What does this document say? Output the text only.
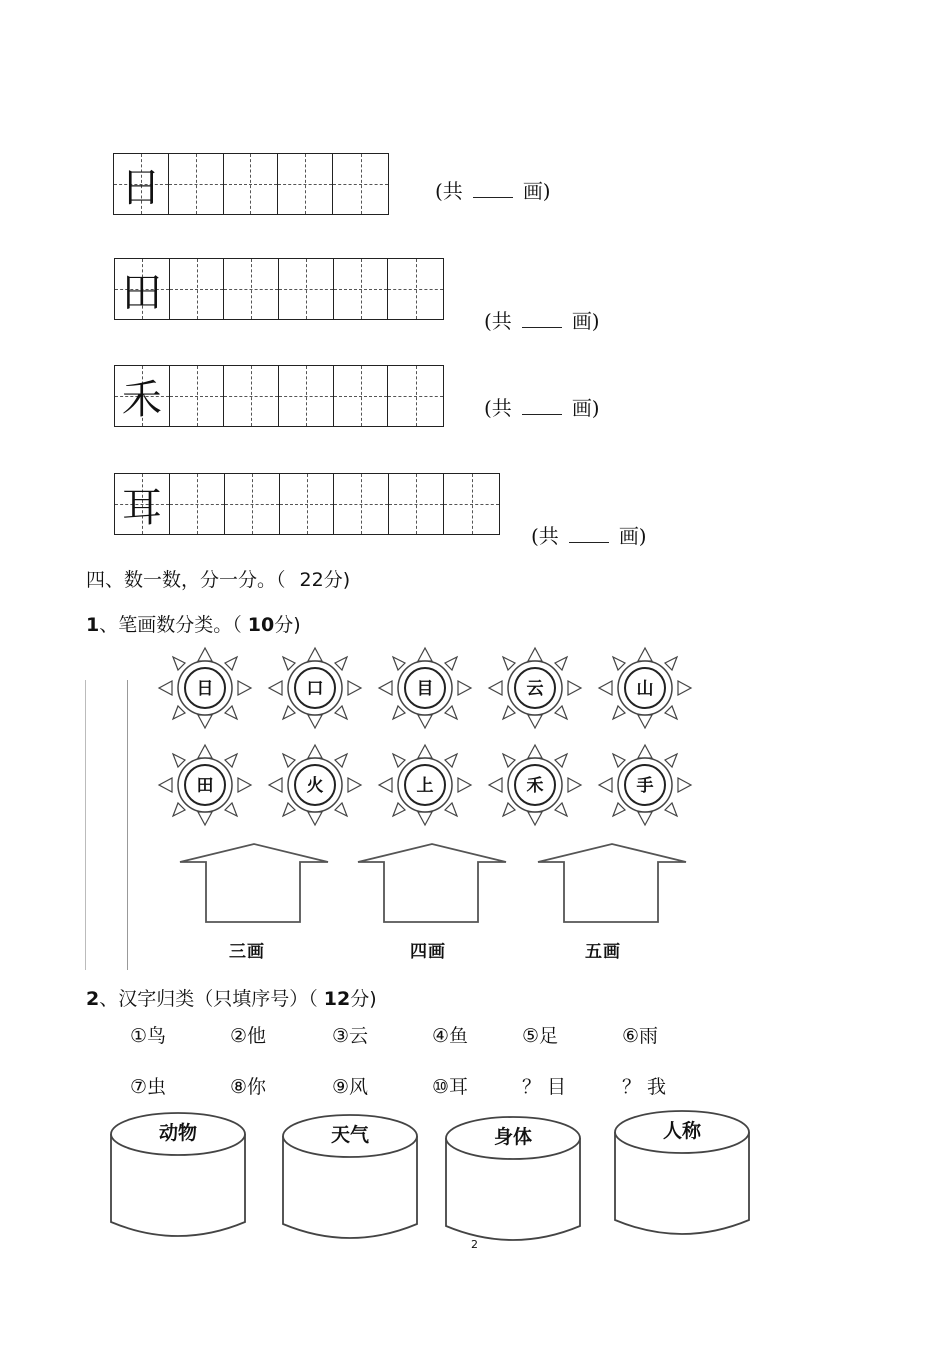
日	(共	画)
田
(共	画)
禾	(共	画)
耳
(共	画)
四、数一数，分一分。（ 22分)
1、笔画数分类。（ 10分)
日	口	目	云	山
田	火	上	禾	手
三画	四画	五画
2、汉字归类（只填序号）（ 12分)
①鸟	②他	③云	④鱼	⑤足	⑥雨
⑦虫	⑧你	⑨风	⑩耳	？ 目	？ 我
动物	天气	身体	人称
2
